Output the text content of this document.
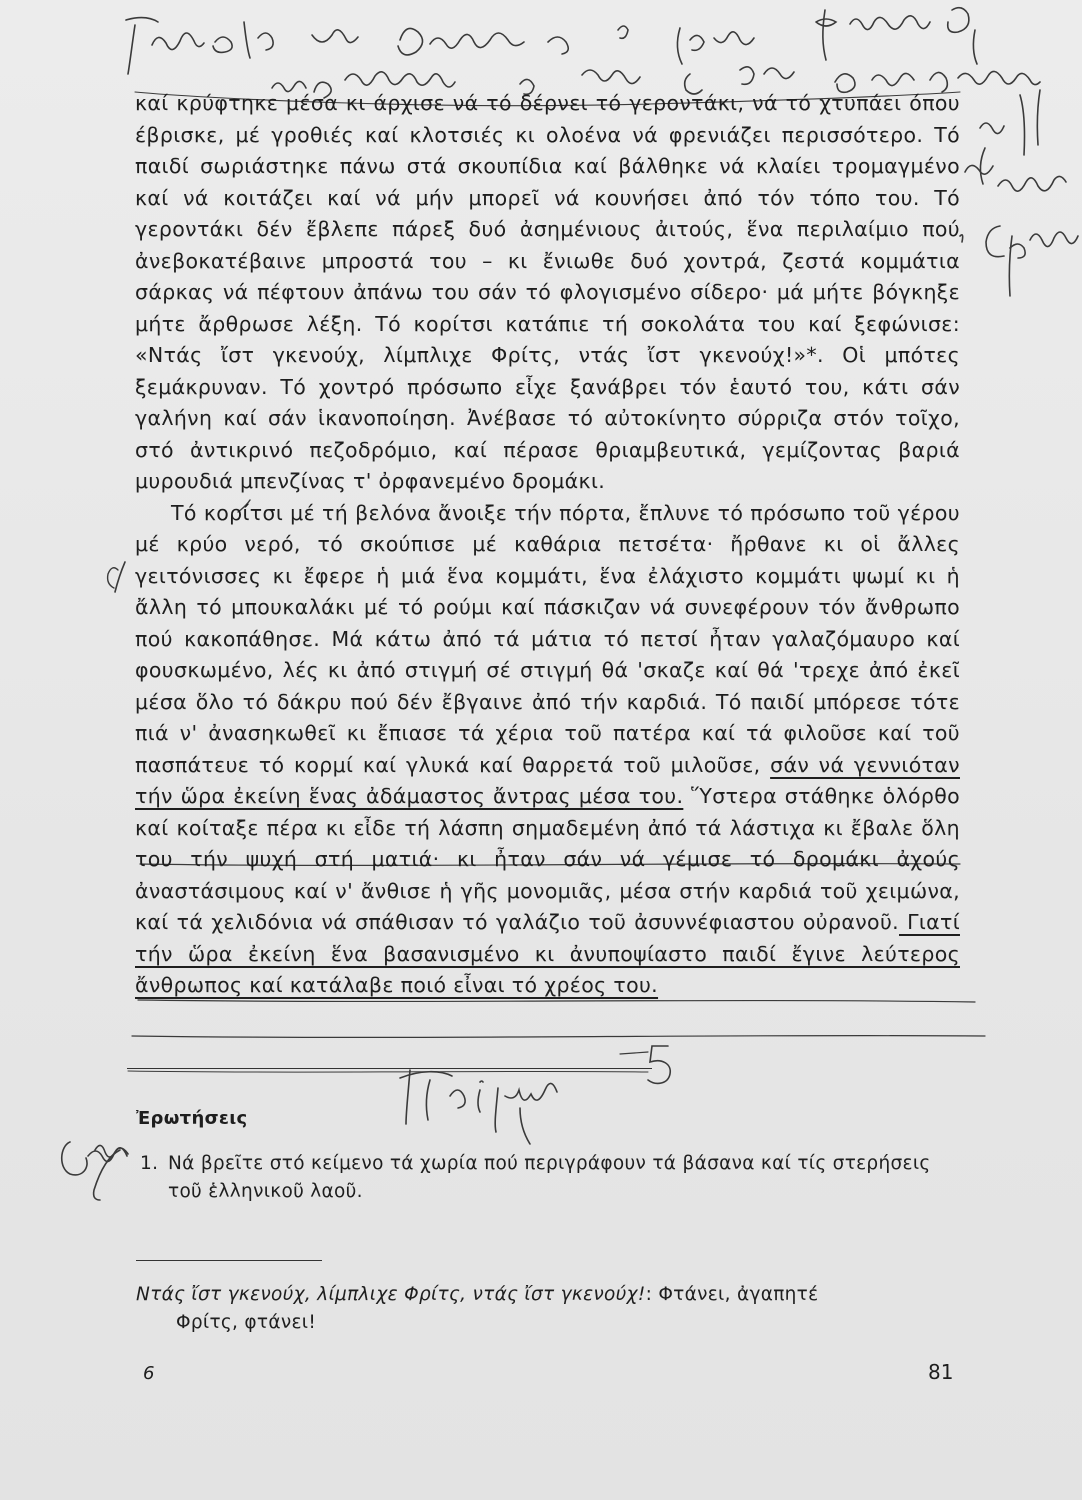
καί κρύφτηκε μέσα κι άρχισε νά τό δέρνει τό γεροντάκι, νά τό χτυπάει όπου έβρισκε, μέ γροθιές καί κλοτσιές κι ολοένα νά φρενιάζει περισσότερο. Τό παιδί σωριάστηκε πάνω στά σκουπίδια καί βάλθηκε νά κλαίει τρομαγμένο καί νά κοιτάζει καί νά μήν μπορεῖ νά κουνήσει ἀπό τόν τόπο του. Τό γεροντάκι δέν ἔβλεπε πάρεξ δυό ἀσημένιους ἀιτούς, ἕνα περιλαίμιο πού ἀνεβοκατέβαινε μπροστά του – κι ἔνιωθε δυό χοντρά, ζεστά κομμάτια σάρκας νά πέφτουν ἀπάνω του σάν τό φλογισμένο σίδερο· μά μήτε βόγκηξε μήτε ἄρθρωσε λέξη. Τό κορίτσι κατάπιε τή σοκολάτα του καί ξεφώνισε: «Ντάς ἴστ γκενούχ, λίμπλιχε Φρίτς, ντάς ἴστ γκενούχ!»*. Οἱ μπότες ξεμάκρυναν. Τό χοντρό πρόσωπο εἶχε ξανάβρει τόν ἑαυτό του, κάτι σάν γαλήνη καί σάν ἱκανοποίηση. Ἀνέβασε τό αὐτοκίνητο σύρριζα στόν τοῖχο, στό ἀντικρινό πεζοδρόμιο, καί πέρασε θριαμβευτικά, γεμίζοντας βαριά μυρουδιά μπενζίνας τ' ὀρφανεμένο δρομάκι.

Τό κορίτσι μέ τή βελόνα ἄνοιξε τήν πόρτα, ἔπλυνε τό πρόσωπο τοῦ γέρου μέ κρύο νερό, τό σκούπισε μέ καθάρια πετσέτα· ἤρθανε κι οἱ ἄλλες γειτόνισσες κι ἔφερε ἡ μιά ἕνα κομμάτι, ἕνα ἐλάχιστο κομμάτι ψωμί κι ἡ ἄλλη τό μπουκαλάκι μέ τό ρούμι καί πάσκιζαν νά συνεφέρουν τόν ἄνθρωπο πού κακοπάθησε. Μά κάτω ἀπό τά μάτια τό πετσί ἦταν γαλαζόμαυρο καί φουσκωμένο, λές κι ἀπό στιγμή σέ στιγμή θά 'σκαζε καί θά 'τρεχε ἀπό ἐκεῖ μέσα ὅλο τό δάκρυ πού δέν ἔβγαινε ἀπό τήν καρδιά. Τό παιδί μπόρεσε τότε πιά ν' ἀνασηκωθεῖ κι ἔπιασε τά χέρια τοῦ πατέρα καί τά φιλοῦσε καί τοῦ πασπάτευε τό κορμί καί γλυκά καί θαρρετά τοῦ μιλοῦσε, σάν νά γεννιόταν τήν ὥρα ἐκείνη ἕνας ἀδάμαστος ἄντρας μέσα του. Ὕστερα στάθηκε ὁλόρθο καί κοίταξε πέρα κι εἶδε τή λάσπη σημαδεμένη ἀπό τά λάστιχα κι ἔβαλε ὅλη του τήν ψυχή στή ματιά· κι ἦταν σάν νά γέμισε τό δρομάκι ἀχούς ἀναστάσιμους καί ν' ἄνθισε ἡ γῆς μονομιᾶς, μέσα στήν καρδιά τοῦ χειμώνα, καί τά χελιδόνια νά σπάθισαν τό γαλάζιο τοῦ ἀσυννέφιαστου οὐρανοῦ. Γιατί τήν ὥρα ἐκείνη ἕνα βασανισμένο κι ἀνυποψίαστο παιδί ἔγινε λεύτερος ἄνθρωπος καί κατάλαβε ποιό εἶναι τό χρέος του.

Ἐρωτήσεις
1. Νά βρεῖτε στό κείμενο τά χωρία πού περιγράφουν τά βάσανα καί τίς στερήσεις τοῦ ἑλληνικοῦ λαοῦ.
Ντάς ἴστ γκενούχ, λίμπλιχε Φρίτς, ντάς ἴστ γκενούχ!: Φτάνει, ἀγαπητέ
Φρίτς, φτάνει!
6	81
